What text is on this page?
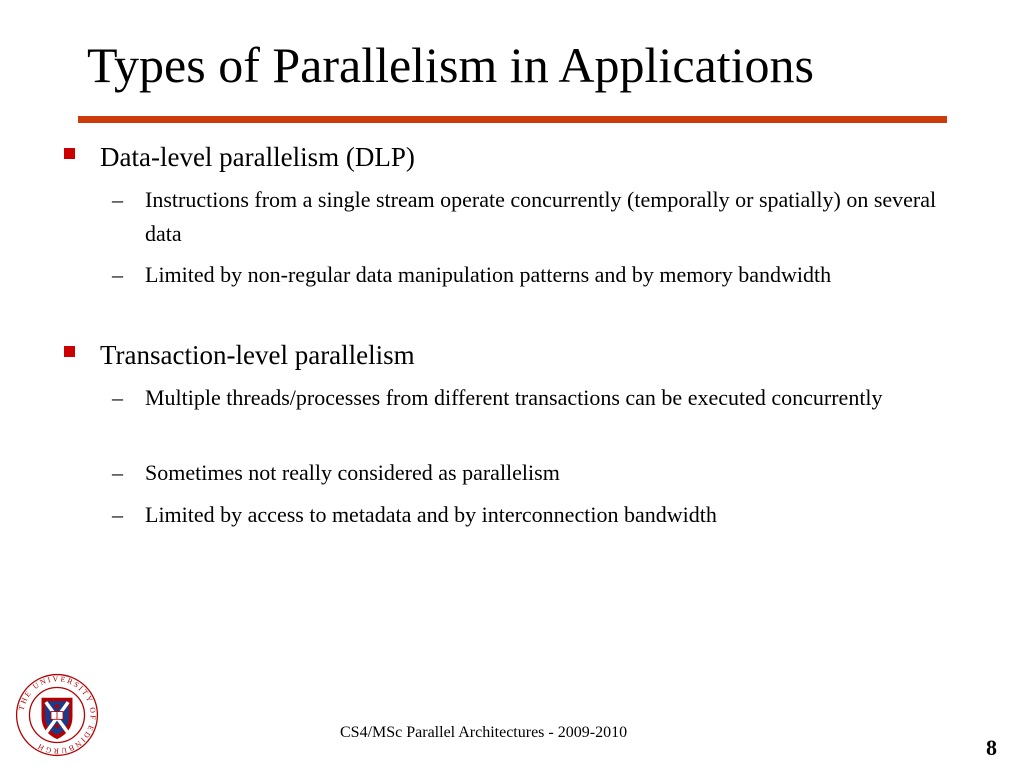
Types of Parallelism in Applications
Data-level parallelism (DLP)
– Instructions from a single stream operate concurrently (temporally or spatially) on several data
– Limited by non-regular data manipulation patterns and by memory bandwidth
Transaction-level parallelism
– Multiple threads/processes from different transactions can be executed concurrently
– Sometimes not really considered as parallelism
– Limited by access to metadata and by interconnection bandwidth
THE UNIVERSITY OF EDINBURGH
CS4/MSc Parallel Architectures - 2009-2010
8
